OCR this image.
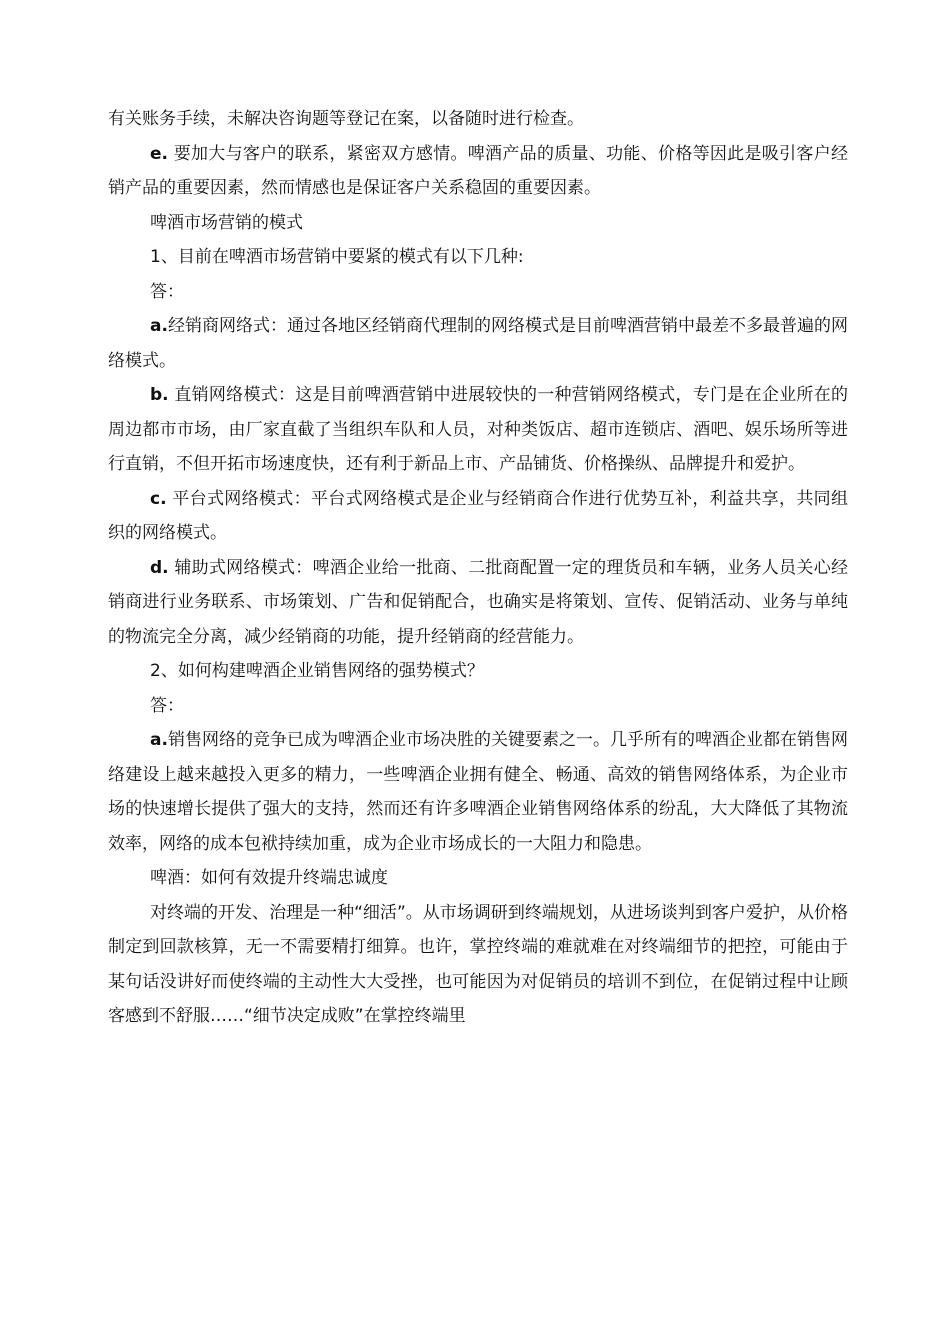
有关账务手续，未解决咨询题等登记在案，以备随时进行检查。

e. 要加大与客户的联系，紧密双方感情。啤酒产品的质量、功能、价格等因此是吸引客户经销产品的重要因素，然而情感也是保证客户关系稳固的重要因素。

啤酒市场营销的模式

1、目前在啤酒市场营销中要紧的模式有以下几种:

答：

a.经销商网络式：通过各地区经销商代理制的网络模式是目前啤酒营销中最差不多最普遍的网络模式。

b. 直销网络模式：这是目前啤酒营销中进展较快的一种营销网络模式，专门是在企业所在的周边都市市场，由厂家直截了当组织车队和人员，对种类饭店、超市连锁店、酒吧、娱乐场所等进行直销，不但开拓市场速度快，还有利于新品上市、产品铺货、价格操纵、品牌提升和爱护。

c. 平台式网络模式：平台式网络模式是企业与经销商合作进行优势互补，利益共享，共同组织的网络模式。

d. 辅助式网络模式：啤酒企业给一批商、二批商配置一定的理货员和车辆，业务人员关心经销商进行业务联系、市场策划、广告和促销配合，也确实是将策划、宣传、促销活动、业务与单纯的物流完全分离，减少经销商的功能，提升经销商的经营能力。

2、如何构建啤酒企业销售网络的强势模式？

答：

a.销售网络的竞争已成为啤酒企业市场决胜的关键要素之一。几乎所有的啤酒企业都在销售网络建设上越来越投入更多的精力，一些啤酒企业拥有健全、畅通、高效的销售网络体系，为企业市场的快速增长提供了强大的支持，然而还有许多啤酒企业销售网络体系的纷乱，大大降低了其物流效率，网络的成本包袱持续加重，成为企业市场成长的一大阻力和隐患。

啤酒：如何有效提升终端忠诚度

对终端的开发、治理是一种“细活”。从市场调研到终端规划，从进场谈判到客户爱护，从价格制定到回款核算，无一不需要精打细算。也许，掌控终端的难就难在对终端细节的把控，可能由于某句话没讲好而使终端的主动性大大受挫，也可能因为对促销员的培训不到位，在促销过程中让顾客感到不舒服……“细节决定成败”在掌控终端里
